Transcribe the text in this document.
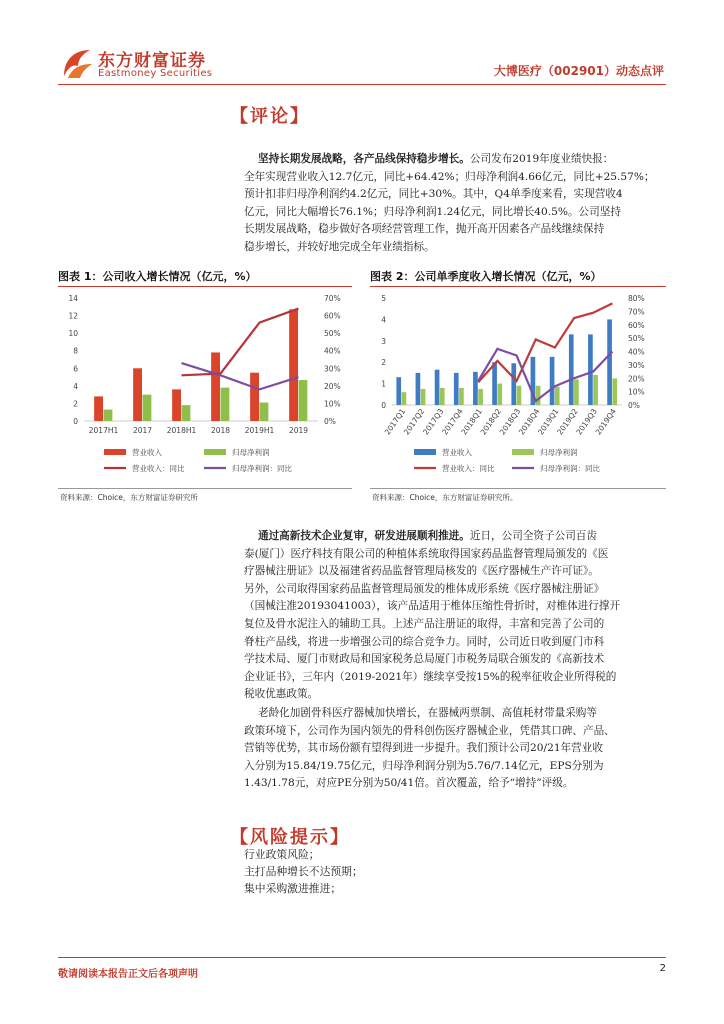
东方财富证券
Eastmoney Securities	大博医疗（002901）动态点评
【评论】
坚持长期发展战略，各产品线保持稳步增长。公司发布2019年度业绩快报：
全年实现营业收入12.7亿元，同比+64.42%；归母净利润4.66亿元，同比+25.57%；
预计扣非归母净利润约4.2亿元，同比+30%。其中，Q4单季度来看，实现营收4
亿元，同比大幅增长76.1%；归母净利润1.24亿元，同比增长40.5%。公司坚持
长期发展战略，稳步做好各项经营管理工作，抛开高开因素各产品线继续保持
稳步增长，并较好地完成全年业绩指标。
图表 1：公司收入增长情况（亿元，%）
0
2
4
6
8
10
12
14
0%
10%
20%
30%
40%
50%
60%
70%
2017H1 2017 2018H1 2018 2019H1 2019
营业收入	归母净利润
营业收入：同比	归母净利润：同比
资料来源：Choice，东方财富证券研究所
图表 2：公司单季度收入增长情况（亿元，%）
0
1
2
3
4
5
0%
10%
20%
30%
40%
50%
60%
70%
80%
2017Q1
2017Q2
2017Q3
2017Q4
2018Q1
2018Q2
2018Q3
2018Q4
2019Q1
2019Q2
2019Q3
2019Q4
营业收入	归母净利润
营业收入：同比	归母净利润：同比
资料来源：Choice，东方财富证券研究所。
通过高新技术企业复审，研发进展顺利推进。近日，公司全资子公司百齿
泰(厦门）医疗科技有限公司的种植体系统取得国家药品监督管理局颁发的《医
疗器械注册证》以及福建省药品监督管理局核发的《医疗器械生产许可证》。
另外，公司取得国家药品监督管理局颁发的椎体成形系统《医疗器械注册证》
（国械注准20193041003），该产品适用于椎体压缩性骨折时，对椎体进行撑开
复位及骨水泥注入的辅助工具。上述产品注册证的取得，丰富和完善了公司的
脊柱产品线，将进一步增强公司的综合竞争力。同时，公司近日收到厦门市科
学技术局、厦门市财政局和国家税务总局厦门市税务局联合颁发的《高新技术
企业证书》，三年内（2019-2021年）继续享受按15%的税率征收企业所得税的
税收优惠政策。
老龄化加剧骨科医疗器械加快增长，在器械两票制、高值耗材带量采购等
政策环境下，公司作为国内领先的骨科创伤医疗器械企业，凭借其口碑、产品、
营销等优势，其市场份额有望得到进一步提升。我们预计公司20/21年营业收
入分别为15.84/19.75亿元，归母净利润分别为5.76/7.14亿元，EPS分别为
1.43/1.78元，对应PE分别为50/41倍。首次覆盖，给予“增持”评级。
【风险提示】
行业政策风险；
主打品种增长不达预期；
集中采购激进推进；
敬请阅读本报告正文后各项声明
2
